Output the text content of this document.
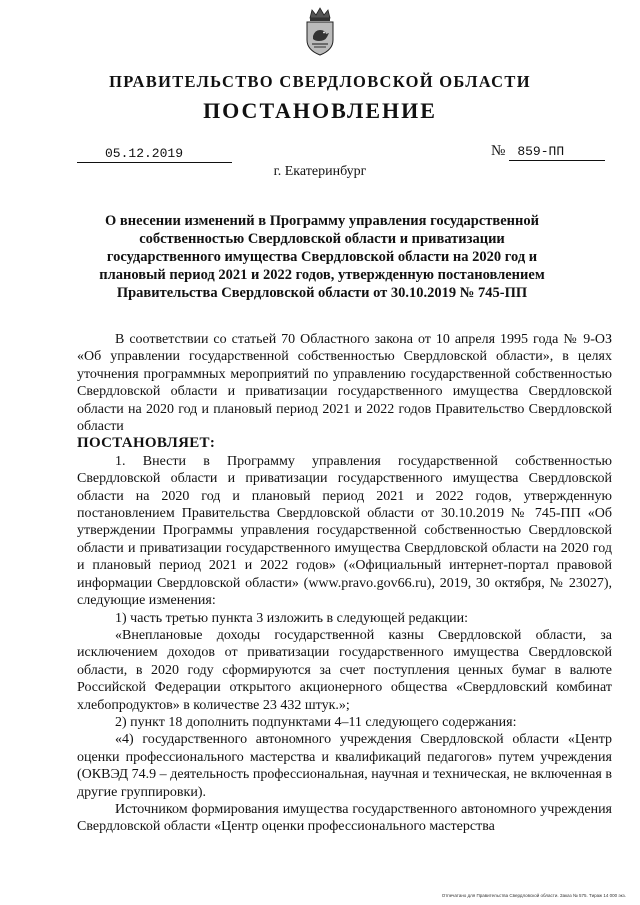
ПРАВИТЕЛЬСТВО СВЕРДЛОВСКОЙ ОБЛАСТИ
ПОСТАНОВЛЕНИЕ
05.12.2019	№ 859-ПП
г. Екатеринбург
О внесении изменений в Программу управления государственной собственностью Свердловской области и приватизации государственного имущества Свердловской области на 2020 год и плановый период 2021 и 2022 годов, утвержденную постановлением Правительства Свердловской области от 30.10.2019 № 745-ПП

В соответствии со статьей 70 Областного закона от 10 апреля 1995 года № 9-ОЗ «Об управлении государственной собственностью Свердловской области», в целях уточнения программных мероприятий по управлению государственной собственностью Свердловской области и приватизации государственного имущества Свердловской области на 2020 год и плановый период 2021 и 2022 годов Правительство Свердловской области

ПОСТАНОВЛЯЕТ:

1. Внести в Программу управления государственной собственностью Свердловской области и приватизации государственного имущества Свердловской области на 2020 год и плановый период 2021 и 2022 годов, утвержденную постановлением Правительства Свердловской области от 30.10.2019 № 745-ПП «Об утверждении Программы управления государственной собственностью Свердловской области и приватизации государственного имущества Свердловской области на 2020 год и плановый период 2021 и 2022 годов» («Официальный интернет-портал правовой информации Свердловской области» (www.pravo.gov66.ru), 2019, 30 октября, № 23027), следующие изменения:

1) часть третью пункта 3 изложить в следующей редакции:

«Внеплановые доходы государственной казны Свердловской области, за исключением доходов от приватизации государственного имущества Свердловской области, в 2020 году сформируются за счет поступления ценных бумаг в валюте Российской Федерации открытого акционерного общества «Свердловский комбинат хлебопродуктов» в количестве 23 432 штук.»;

2) пункт 18 дополнить подпунктами 4–11 следующего содержания:

«4) государственного автономного учреждения Свердловской области «Центр оценки профессионального мастерства и квалификаций педагогов» путем учреждения (ОКВЭД 74.9 – деятельность профессиональная, научная и техническая, не включенная в другие группировки).

Источником формирования имущества государственного автономного учреждения Свердловской области «Центр оценки профессионального мастерства

Отпечатано для Правительства Свердловской области. Заказ № 575. Тираж 14 000 экз.
